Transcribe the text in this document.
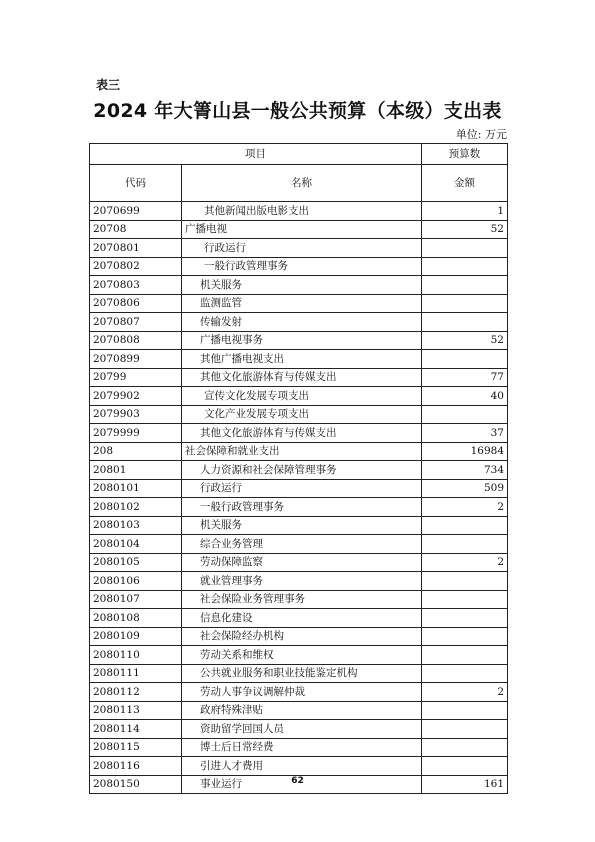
表三
2024 年大箐山县一般公共预算（本级）支出表
单位: 万元
项目		预算数
代码	名称	金额
2070699	其他新闻出版电影支出	1
20708	广播电视	52
2070801	行政运行	
2070802	一般行政管理事务	
2070803	机关服务	
2070806	监测监管	
2070807	传输发射	
2070808	广播电视事务	52
2070899	其他广播电视支出	
20799	其他文化旅游体育与传媒支出	77
2079902	宣传文化发展专项支出	40
2079903	文化产业发展专项支出	
2079999	其他文化旅游体育与传媒支出	37
208	社会保障和就业支出	16984
20801	人力资源和社会保障管理事务	734
2080101	行政运行	509
2080102	一般行政管理事务	2
2080103	机关服务	
2080104	综合业务管理	
2080105	劳动保障监察	2
2080106	就业管理事务	
2080107	社会保险业务管理事务	
2080108	信息化建设	
2080109	社会保险经办机构	
2080110	劳动关系和维权	
2080111	公共就业服务和职业技能鉴定机构	
2080112	劳动人事争议调解仲裁	2
2080113	政府特殊津贴	
2080114	资助留学回国人员	
2080115	博士后日常经费	
2080116	引进人才费用	
2080150	事业运行	161
62
